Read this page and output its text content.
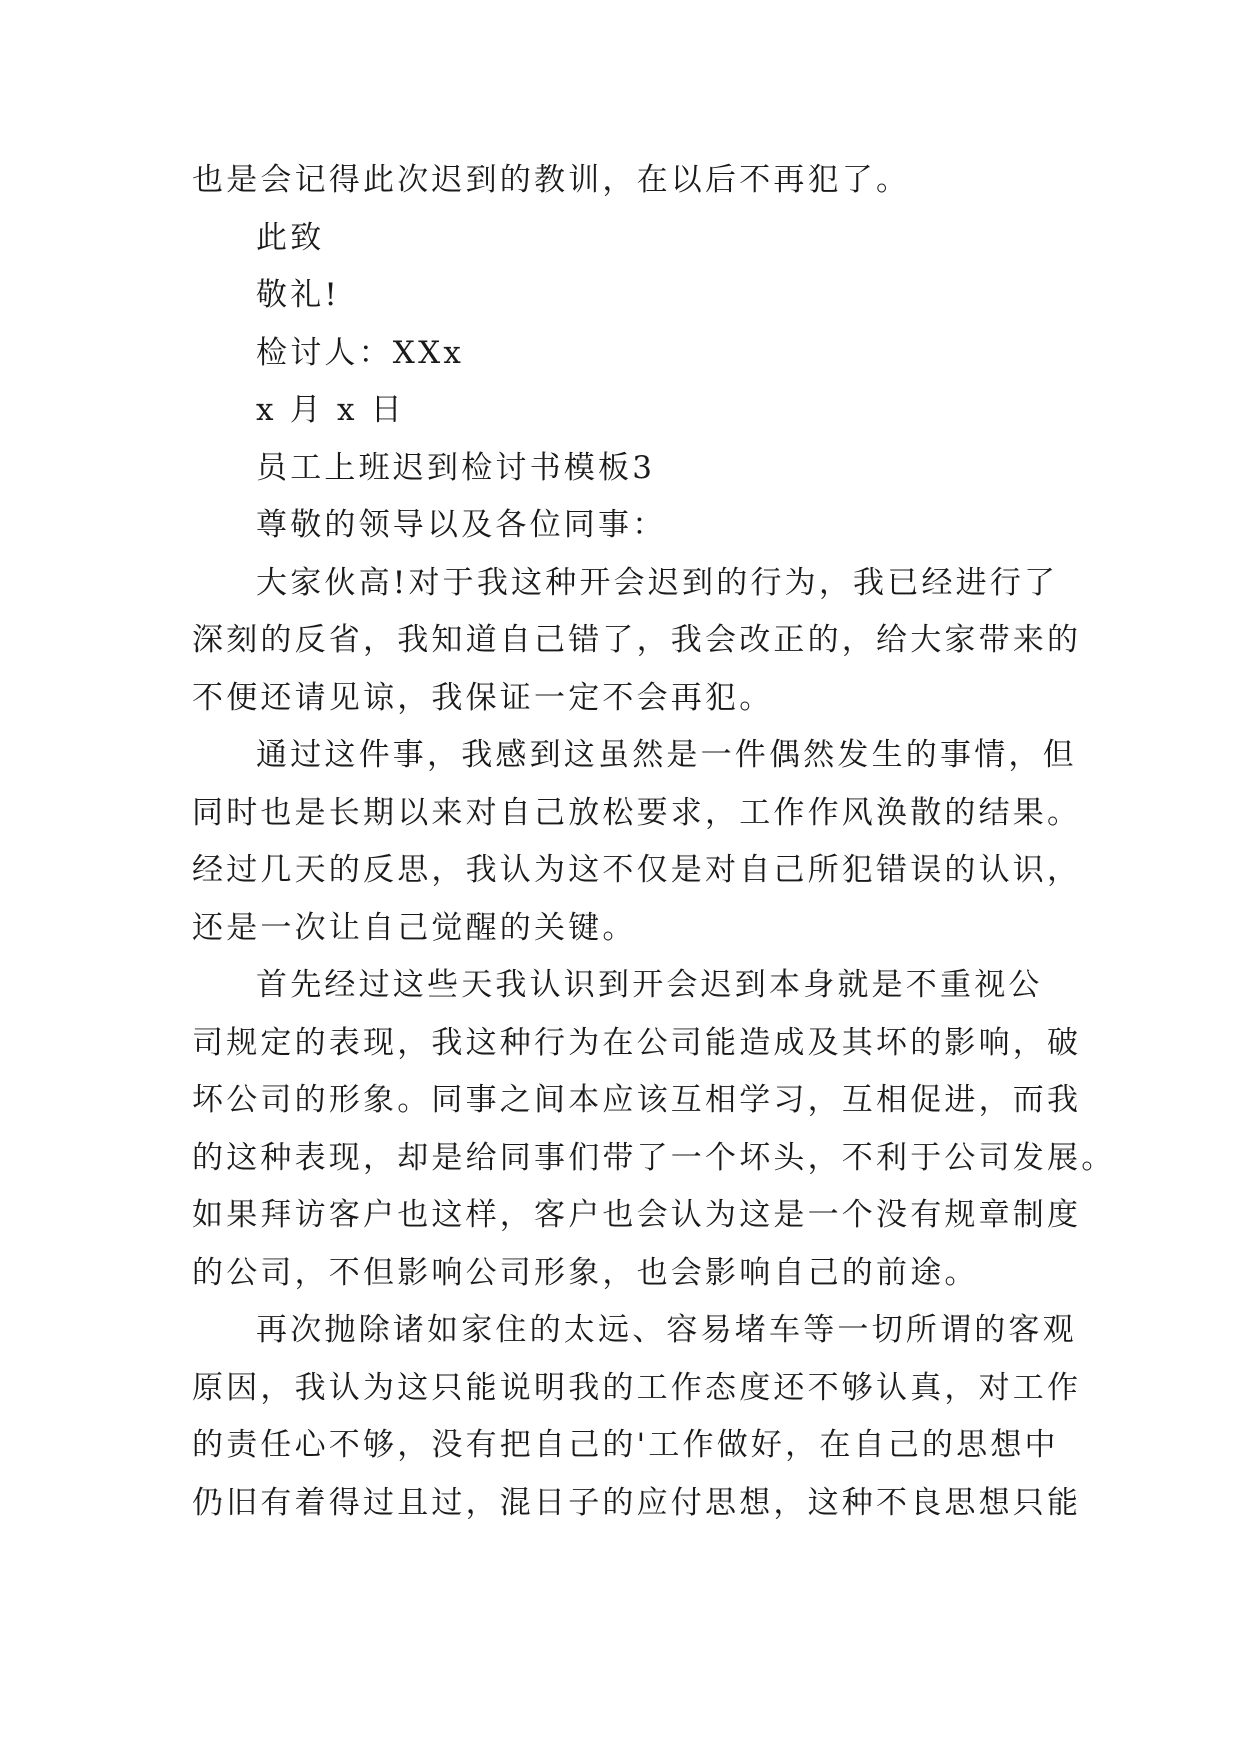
也是会记得此次迟到的教训，在以后不再犯了。
此致
敬礼!
检讨人：XXx
x 月 x 日
员工上班迟到检讨书模板3
尊敬的领导以及各位同事：
大家伙高!对于我这种开会迟到的行为，我已经进行了
深刻的反省，我知道自己错了，我会改正的，给大家带来的
不便还请见谅，我保证一定不会再犯。
通过这件事，我感到这虽然是一件偶然发生的事情，但
同时也是长期以来对自己放松要求，工作作风涣散的结果。
经过几天的反思，我认为这不仅是对自己所犯错误的认识，
还是一次让自己觉醒的关键。
首先经过这些天我认识到开会迟到本身就是不重视公
司规定的表现，我这种行为在公司能造成及其坏的影响，破
坏公司的形象。同事之间本应该互相学习，互相促进，而我
的这种表现，却是给同事们带了一个坏头，不利于公司发展。
如果拜访客户也这样，客户也会认为这是一个没有规章制度
的公司，不但影响公司形象，也会影响自己的前途。
再次抛除诸如家住的太远、容易堵车等一切所谓的客观
原因，我认为这只能说明我的工作态度还不够认真，对工作
的责任心不够，没有把自己的'工作做好，在自己的思想中
仍旧有着得过且过，混日子的应付思想，这种不良思想只能
